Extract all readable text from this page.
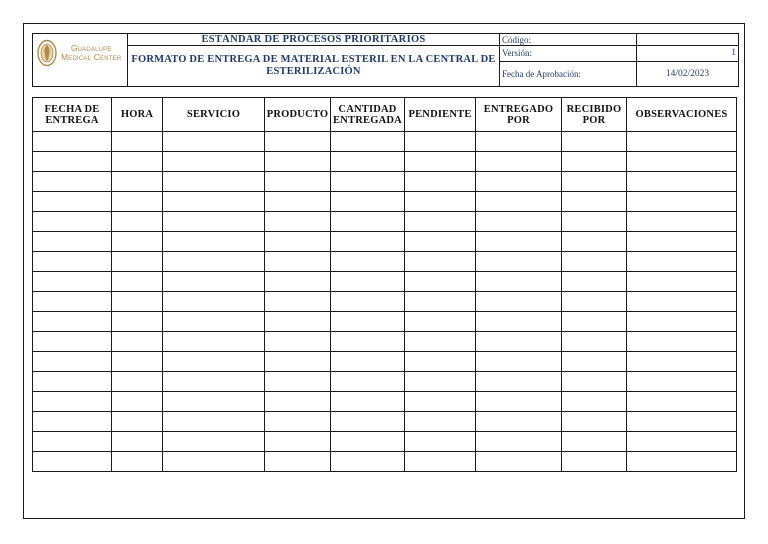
Guadalupe
Medical Center	ESTÁNDAR DE PROCESOS PRIORITARIOS	Código:	
	FORMATO DE ENTREGA DE MATERIAL ESTERIL EN LA CENTRAL DE ESTERILIZACIÓN	Versión:	1
		Fecha de Aprobación:	14/02/2023
FECHA DE ENTREGA	HORA	SERVICIO	PRODUCTO	CANTIDAD ENTREGADA	PENDIENTE	ENTREGADO POR	RECIBIDO POR	OBSERVACIONES
